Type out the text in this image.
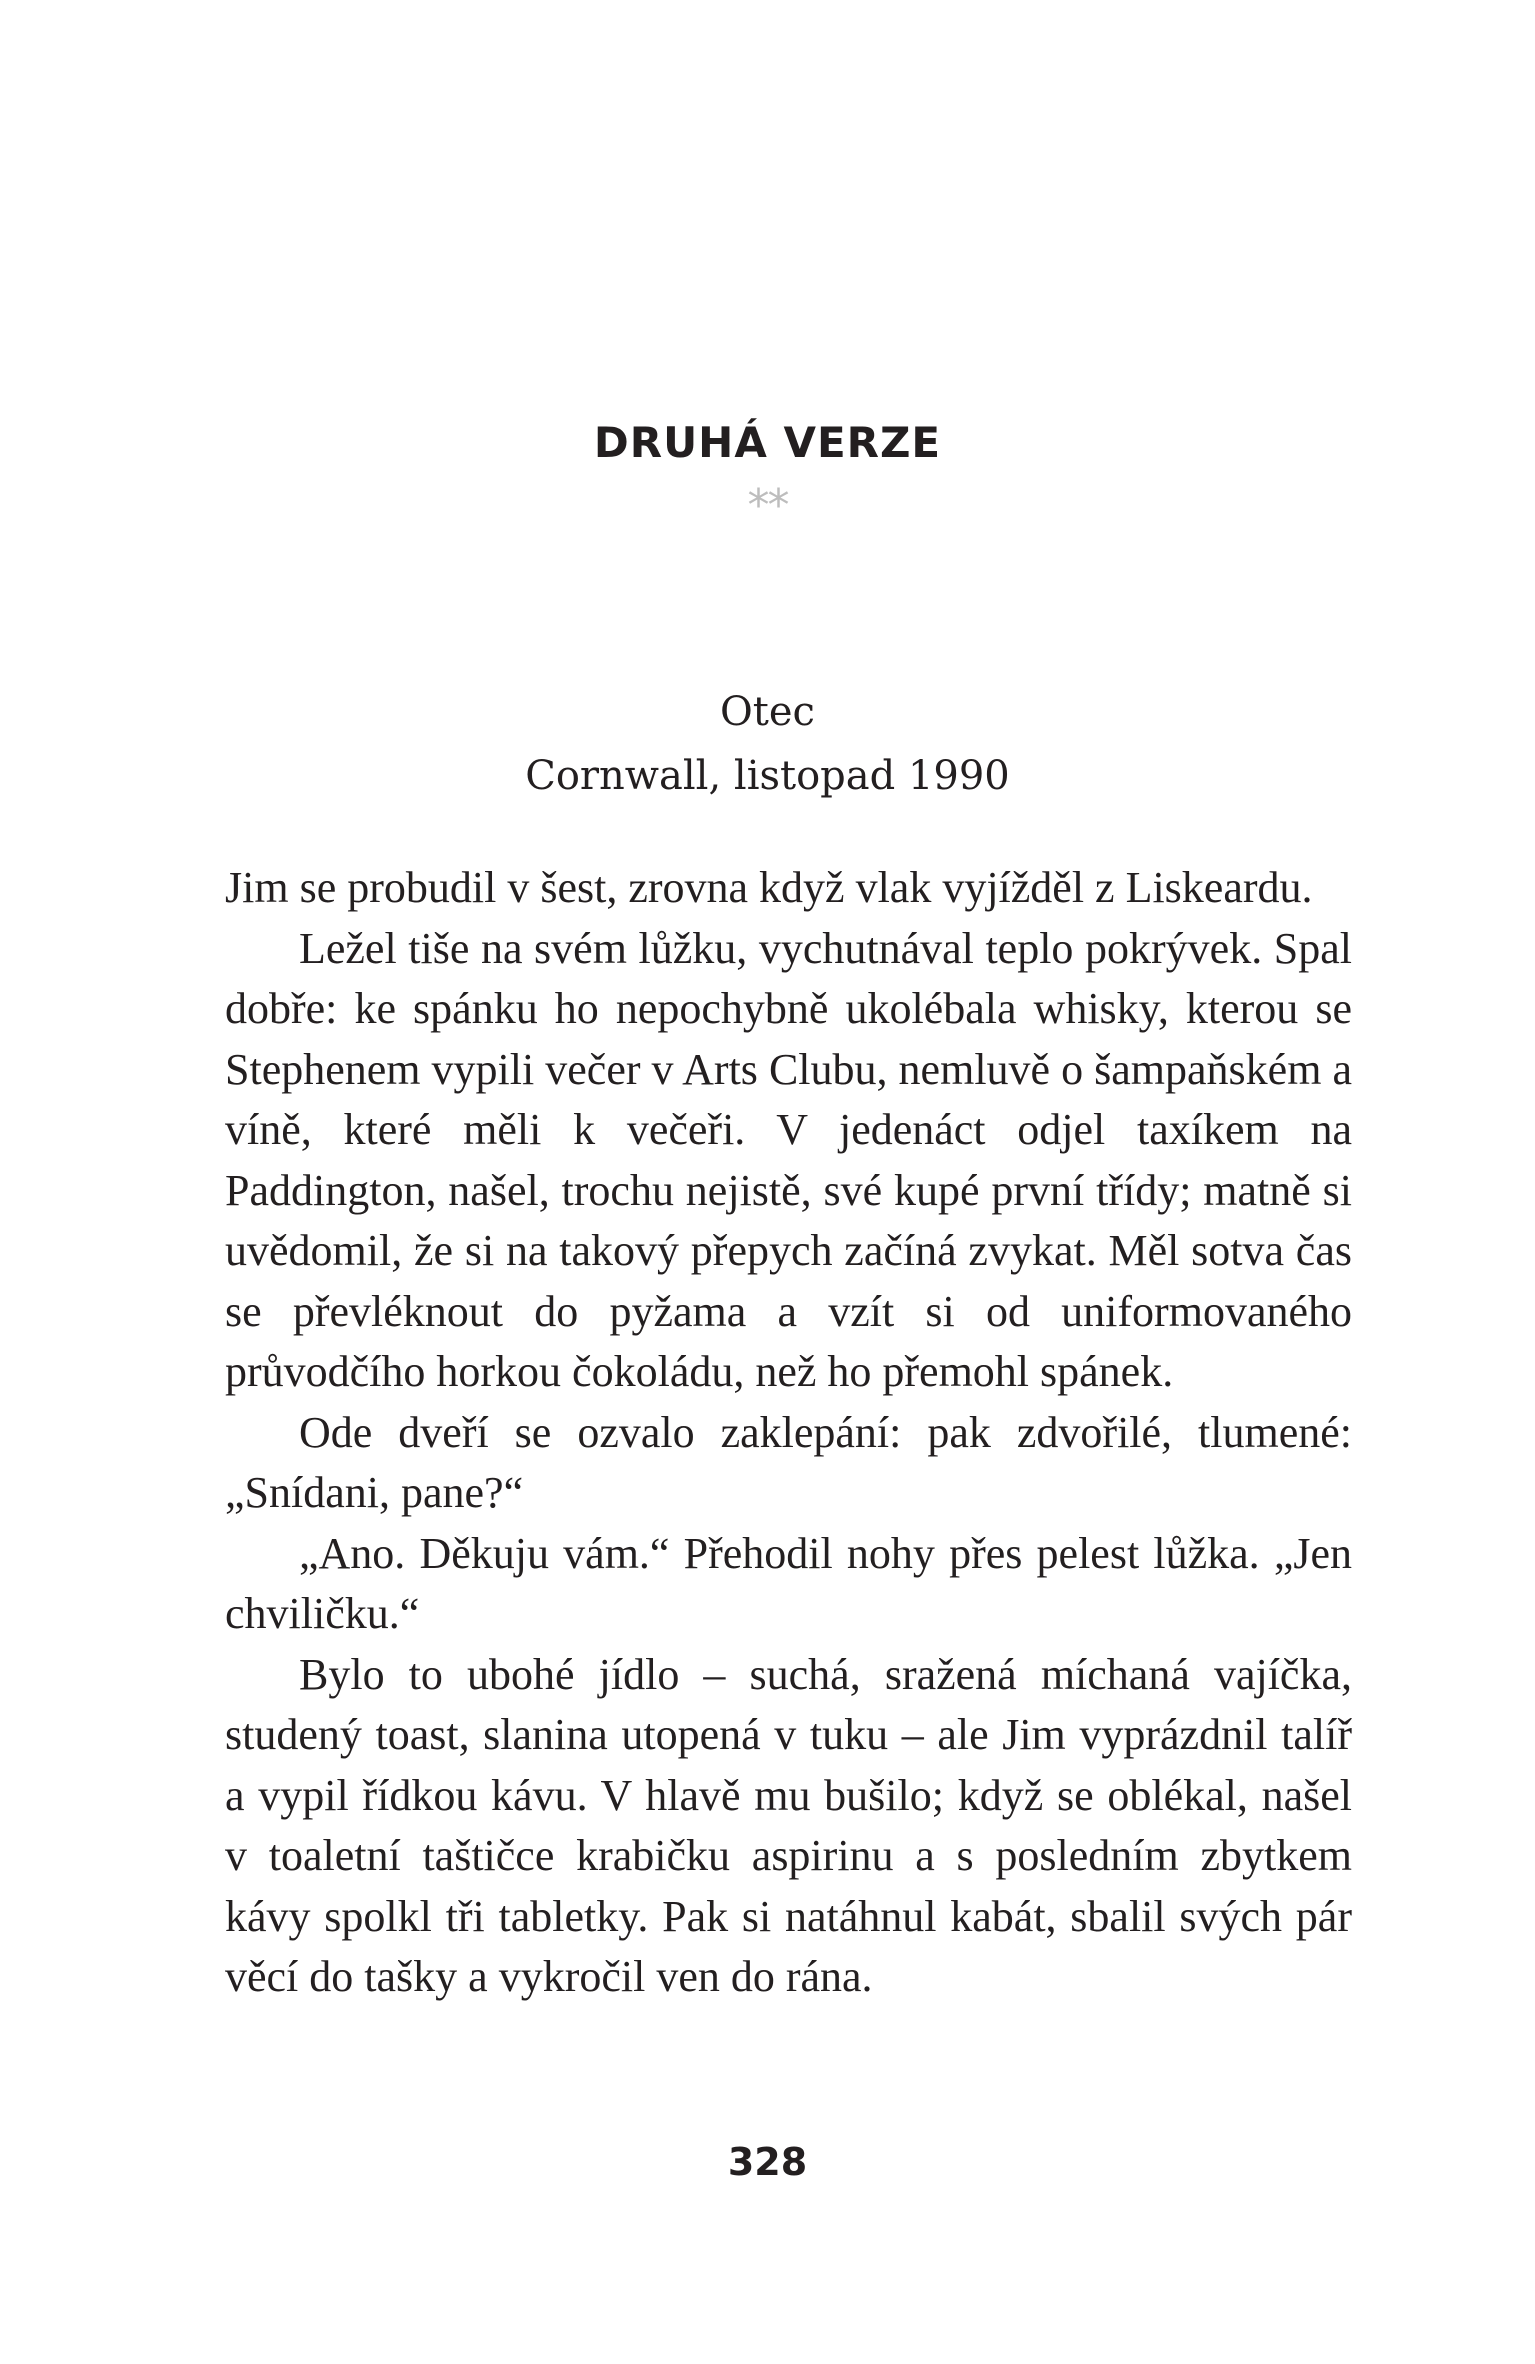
DRUHÁ VERZE
**
Otec
Cornwall, listopad 1990

Jim se probudil v šest, zrovna když vlak vyjížděl z Liskeardu.

Ležel tiše na svém lůžku, vychutnával teplo pokrývek. Spal dobře: ke spánku ho nepochybně ukolébala whisky, kterou se Stephenem vypili večer v Arts Clubu, nemluvě o šampaňském a víně, které měli k večeři. V jedenáct odjel taxíkem na Paddington, našel, trochu nejistě, své kupé první třídy; matně si uvědomil, že si na takový přepych začíná zvykat. Měl sotva čas se převléknout do pyžama a vzít si od uniformovaného průvodčího horkou čokoládu, než ho přemohl spánek.

Ode dveří se ozvalo zaklepání: pak zdvořilé, tlumené: „Snídani, pane?“

„Ano. Děkuju vám.“ Přehodil nohy přes pelest lůžka. „Jen chviličku.“

Bylo to ubohé jídlo – suchá, sražená míchaná vajíčka, studený toast, slanina utopená v tuku – ale Jim vyprázdnil talíř a vypil řídkou kávu. V hlavě mu bušilo; když se oblékal, našel v toaletní taštičce krabičku aspirinu a s posledním zbytkem kávy spolkl tři tabletky. Pak si natáhnul kabát, sbalil svých pár věcí do tašky a vykročil ven do rána.

328
